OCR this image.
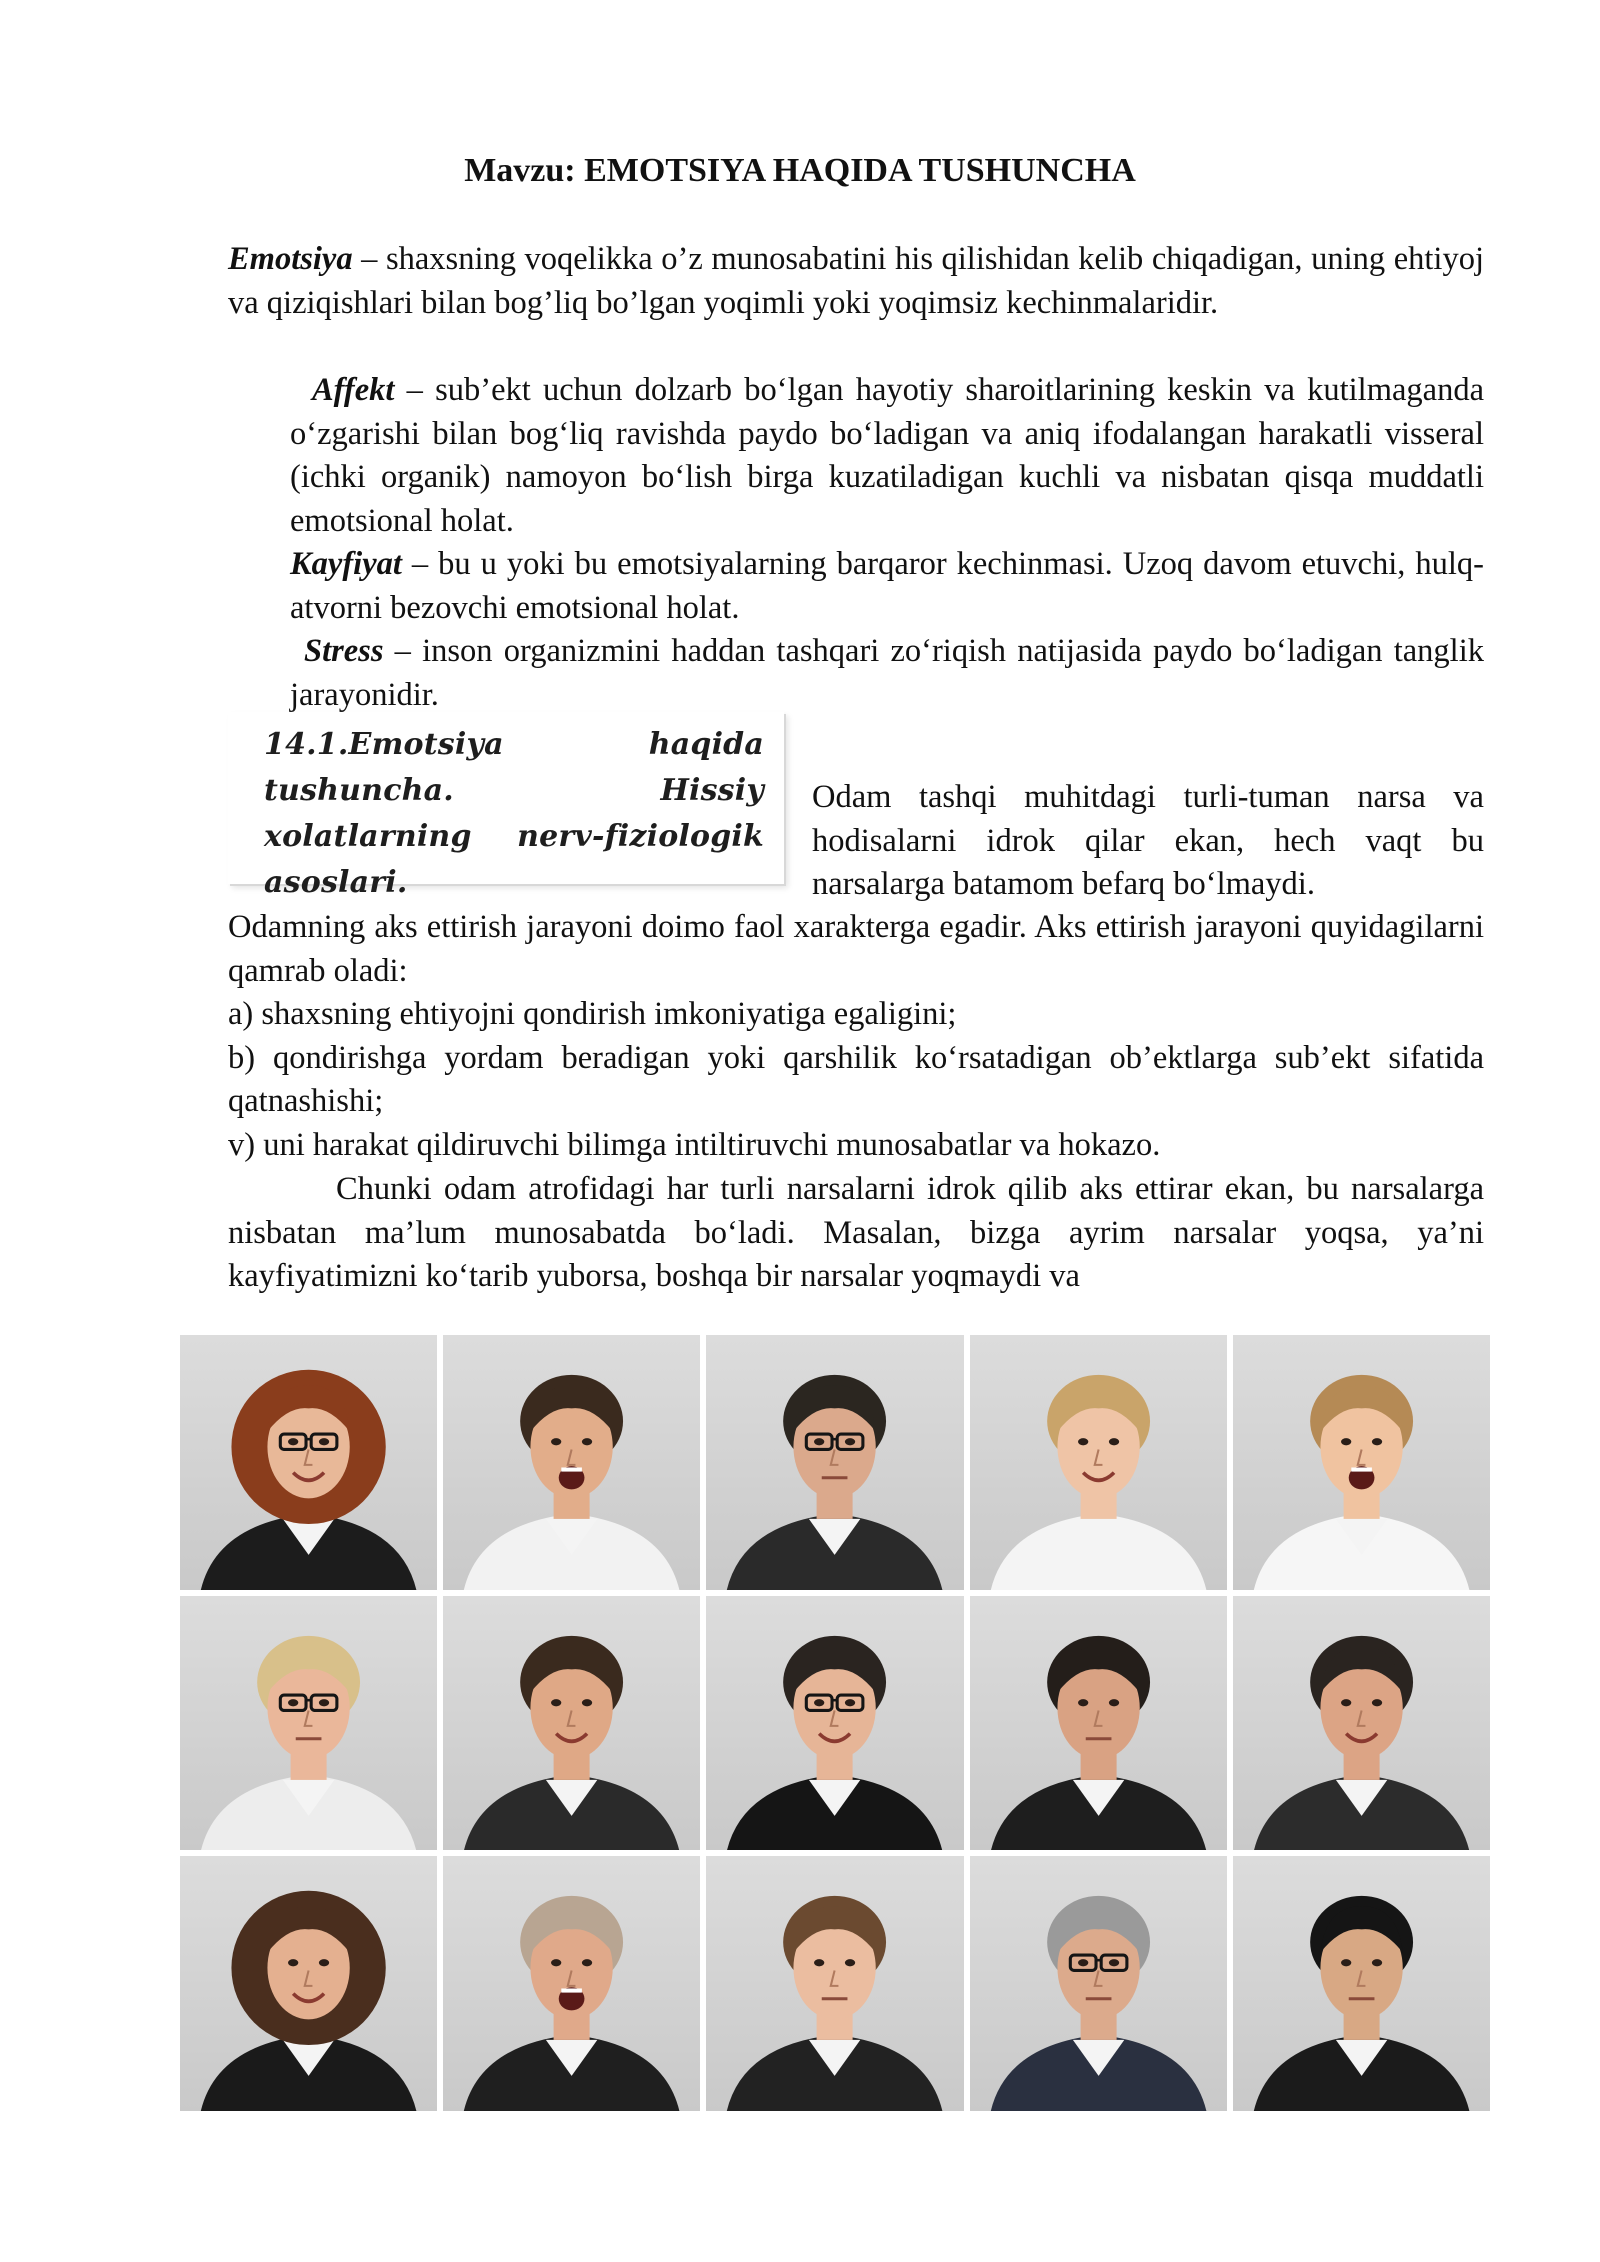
Mavzu: EMOTSIYA HAQIDA TUSHUNCHA

Emotsiya – shaxsning voqelikka o’z munosabatini his qilishidan kelib chiqadigan, uning ehtiyoj va qiziqishlari bilan bog’liq bo’lgan yoqimli yoki yoqimsiz kechinmalaridir.

Affekt – sub’ekt uchun dolzarb bo‘lgan hayotiy sharoitlarining keskin va kutilmaganda o‘zgarishi bilan bog‘liq ravishda paydo bo‘ladigan va aniq ifodalangan harakatli visseral (ichki organik) namoyon bo‘lish birga kuzatiladigan kuchli va nisbatan qisqa muddatli emotsional holat.

Kayfiyat – bu u yoki bu emotsiyalarning barqaror kechinmasi. Uzoq davom etuvchi, hulq-atvorni bezovchi emotsional holat.

Stress – inson organizmini haddan tashqari zo‘riqish natijasida paydo bo‘ladigan tanglik jarayonidir.

14.1.Emotsiya haqida tushuncha. Hissiy xolatlarning nerv-fiziologik asoslari.

Odam tashqi muhitdagi turli-tuman narsa va hodisalarni idrok qilar ekan, hech vaqt bu narsalarga batamom befarq bo‘lmaydi.

Odamning aks ettirish jarayoni doimo faol xarakterga egadir. Aks ettirish jarayoni quyidagilarni qamrab oladi:
a) shaxsning ehtiyojni qondirish imkoniyatiga egaligini;
b) qondirishga yordam beradigan yoki qarshilik ko‘rsatadigan ob’ektlarga sub’ekt sifatida qatnashishi;
v) uni harakat qildiruvchi bilimga intiltiruvchi munosabatlar va hokazo.

Chunki odam atrofidagi har turli narsalarni idrok qilib aks ettirar ekan, bu narsalarga nisbatan ma’lum munosabatda bo‘ladi. Masalan, bizga ayrim narsalar yoqsa, ya’ni kayfiyatimizni ko‘tarib yuborsa, boshqa bir narsalar yoqmaydi va
